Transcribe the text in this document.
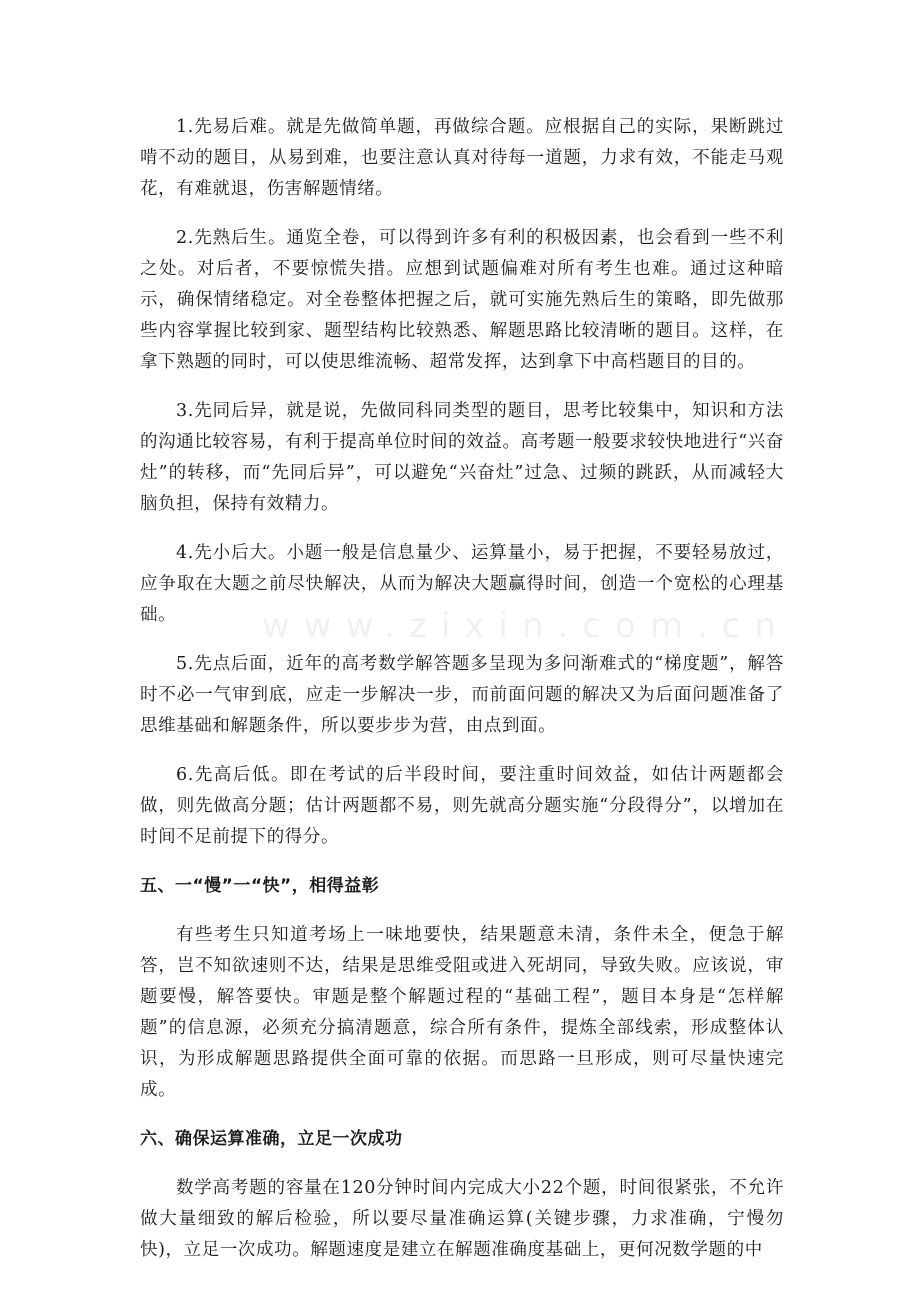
www.zixin.com.cn

1.先易后难。就是先做简单题，再做综合题。应根据自己的实际，果断跳过啃不动的题目，从易到难，也要注意认真对待每一道题，力求有效，不能走马观花，有难就退，伤害解题情绪。

2.先熟后生。通览全卷，可以得到许多有利的积极因素，也会看到一些不利之处。对后者，不要惊慌失措。应想到试题偏难对所有考生也难。通过这种暗示，确保情绪稳定。对全卷整体把握之后，就可实施先熟后生的策略，即先做那些内容掌握比较到家、题型结构比较熟悉、解题思路比较清晰的题目。这样，在拿下熟题的同时，可以使思维流畅、超常发挥，达到拿下中高档题目的目的。

3.先同后异，就是说，先做同科同类型的题目，思考比较集中，知识和方法的沟通比较容易，有利于提高单位时间的效益。高考题一般要求较快地进行“兴奋灶”的转移，而“先同后异”，可以避免“兴奋灶”过急、过频的跳跃，从而减轻大脑负担，保持有效精力。

4.先小后大。小题一般是信息量少、运算量小，易于把握，不要轻易放过，应争取在大题之前尽快解决，从而为解决大题赢得时间，创造一个宽松的心理基础。

5.先点后面，近年的高考数学解答题多呈现为多问渐难式的“梯度题”，解答时不必一气审到底，应走一步解决一步，而前面问题的解决又为后面问题准备了思维基础和解题条件，所以要步步为营，由点到面。

6.先高后低。即在考试的后半段时间，要注重时间效益，如估计两题都会做，则先做高分题；估计两题都不易，则先就高分题实施“分段得分”，以增加在时间不足前提下的得分。

五、一“慢”一“快”，相得益彰

有些考生只知道考场上一味地要快，结果题意未清，条件未全，便急于解答，岂不知欲速则不达，结果是思维受阻或进入死胡同，导致失败。应该说，审题要慢，解答要快。审题是整个解题过程的“基础工程”，题目本身是“怎样解题”的信息源，必须充分搞清题意，综合所有条件，提炼全部线索，形成整体认识，为形成解题思路提供全面可靠的依据。而思路一旦形成，则可尽量快速完成。

六、确保运算准确，立足一次成功

数学高考题的容量在120分钟时间内完成大小22个题，时间很紧张，不允许做大量细致的解后检验，所以要尽量准确运算(关键步骤，力求准确，宁慢勿快)，立足一次成功。解题速度是建立在解题准确度基础上，更何况数学题的中
